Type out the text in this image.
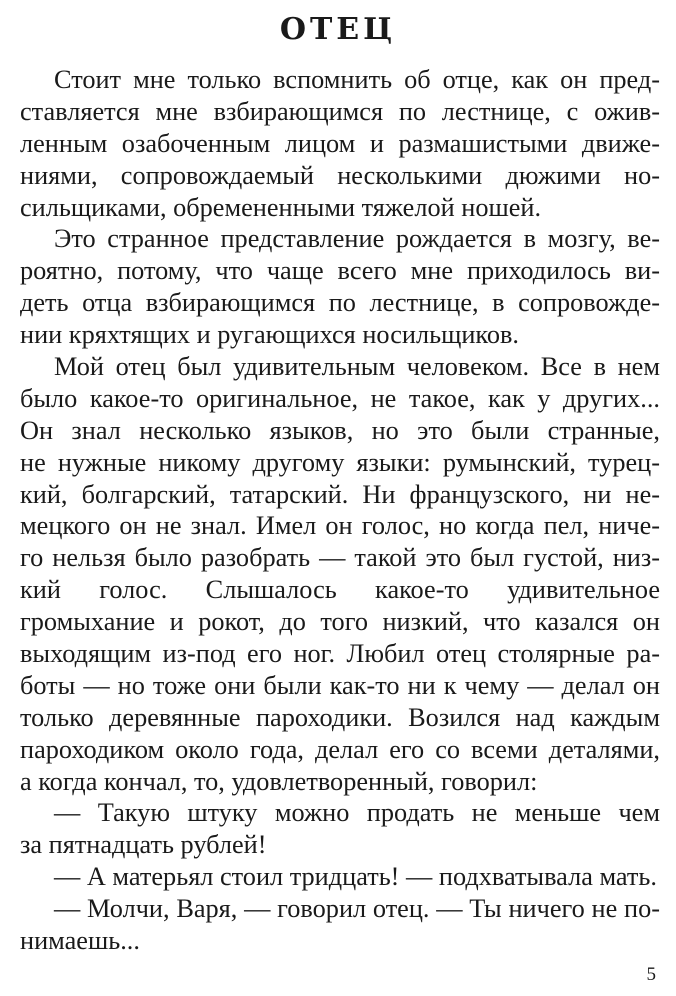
ОТЕЦ
Стоит мне только вспомнить об отце, как он пред-
ставляется мне взбирающимся по лестнице, с ожив-
ленным озабоченным лицом и размашистыми движе-
ниями, сопровождаемый несколькими дюжими но-
сильщиками, обремененными тяжелой ношей.
Это странное представление рождается в мозгу, ве-
роятно, потому, что чаще всего мне приходилось ви-
деть отца взбирающимся по лестнице, в сопровожде-
нии кряхтящих и ругающихся носильщиков.
Мой отец был удивительным человеком. Все в нем
было какое-то оригинальное, не такое, как у других...
Он знал несколько языков, но это были странные,
не нужные никому другому языки: румынский, турец-
кий, болгарский, татарский. Ни французского, ни не-
мецкого он не знал. Имел он голос, но когда пел, ниче-
го нельзя было разобрать — такой это был густой, низ-
кий голос. Слышалось какое-то удивительное
громыхание и рокот, до того низкий, что казался он
выходящим из-под его ног. Любил отец столярные ра-
боты — но тоже они были как-то ни к чему — делал он
только деревянные пароходики. Возился над каждым
пароходиком около года, делал его со всеми деталями,
а когда кончал, то, удовлетворенный, говорил:
— Такую штуку можно продать не меньше чем
за пятнадцать рублей!
— А матерьял стоил тридцать! — подхватывала мать.
— Молчи, Варя, — говорил отец. — Ты ничего не по-
нимаешь...
5
